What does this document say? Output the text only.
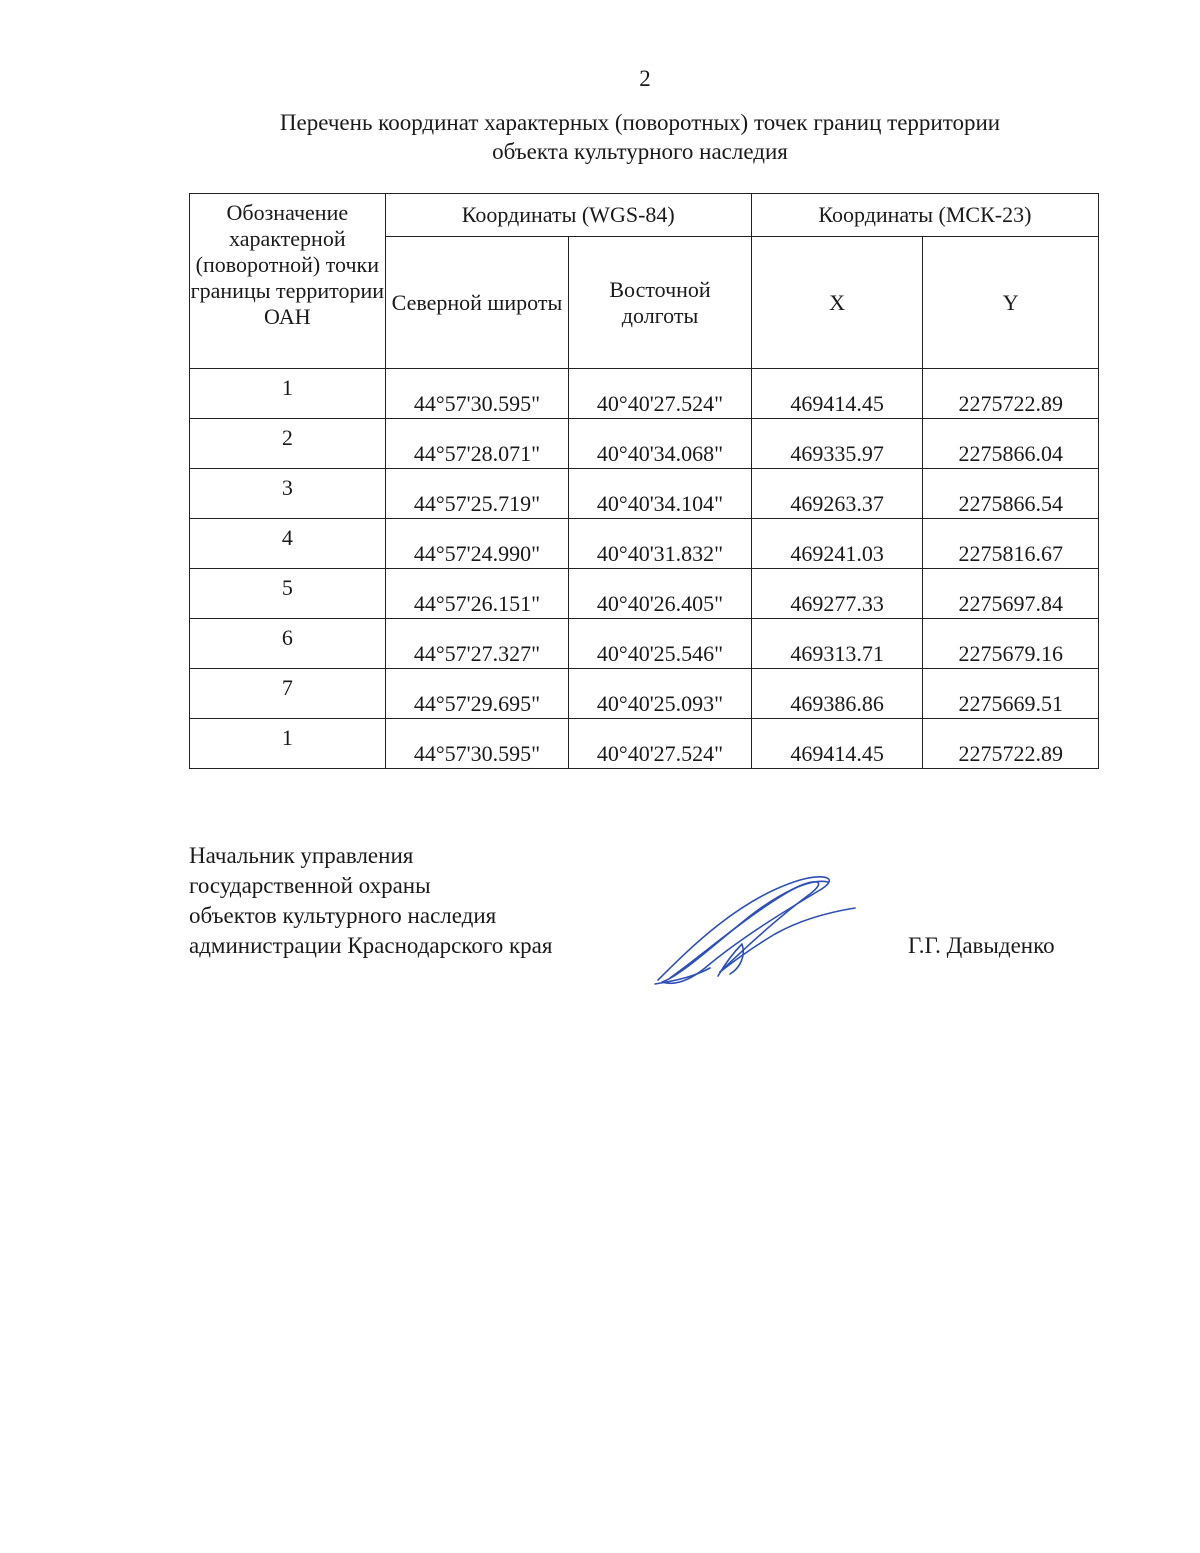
2
Перечень координат характерных (поворотных) точек границ территории
объекта культурного наследия
Обозначение характерной (поворотной) точки границы территории ОАН	Координаты (WGS-84)		Координаты (МСК-23)	
	Северной широты	Восточной долготы	X	Y
1	44°57'30.595"	40°40'27.524"	469414.45	2275722.89
2	44°57'28.071"	40°40'34.068"	469335.97	2275866.04
3	44°57'25.719"	40°40'34.104"	469263.37	2275866.54
4	44°57'24.990"	40°40'31.832"	469241.03	2275816.67
5	44°57'26.151"	40°40'26.405"	469277.33	2275697.84
6	44°57'27.327"	40°40'25.546"	469313.71	2275679.16
7	44°57'29.695"	40°40'25.093"	469386.86	2275669.51
1	44°57'30.595"	40°40'27.524"	469414.45	2275722.89
Начальник управления
государственной охраны
объектов культурного наследия
администрации Краснодарского края	Г.Г. Давыденко
